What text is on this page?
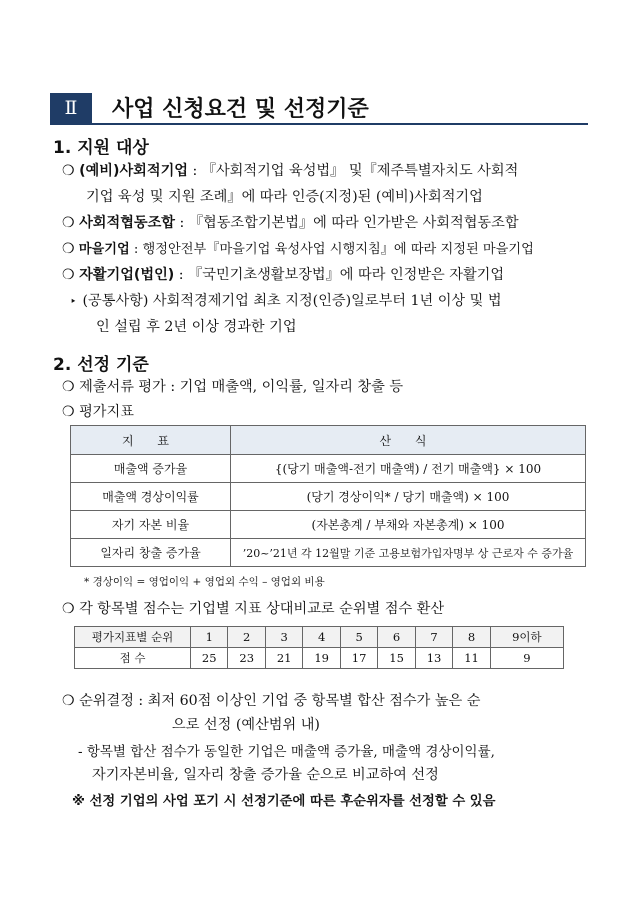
Ⅱ	사업 신청요건 및 선정기준
1. 지원 대상
❍ (예비)사회적기업 : 『사회적기업 육성법』 및『제주특별자치도 사회적
기업 육성 및 지원 조례』에 따라 인증(지정)된 (예비)사회적기업
❍ 사회적협동조합 : 『협동조합기본법』에 따라 인가받은 사회적협동조합
❍ 마을기업 : 행정안전부『마을기업 육성사업 시행지침』에 따라 지정된 마을기업
❍ 자활기업(법인) : 『국민기초생활보장법』에 따라 인정받은 자활기업
‣ (공통사항) 사회적경제기업 최초 지정(인증)일로부터 1년 이상 및 법
인 설립 후 2년 이상 경과한 기업
2. 선정 기준
❍ 제출서류 평가 : 기업 매출액, 이익률, 일자리 창출 등
❍ 평가지표
지 표	산 식
매출액 증가율	{(당기 매출액-전기 매출액) / 전기 매출액} × 100
매출액 경상이익률	(당기 경상이익* / 당기 매출액) × 100
자기 자본 비율	(자본총계 / 부채와 자본총계) × 100
일자리 창출 증가율	’20~’21년 각 12월말 기준 고용보험가입자명부 상 근로자 수 증가율
* 경상이익 = 영업이익 + 영업외 수익 – 영업외 비용
❍ 각 항목별 점수는 기업별 지표 상대비교로 순위별 점수 환산
평가지표별 순위	1	2	3	4	5	6	7	8	9이하
점 수	25	23	21	19	17	15	13	11	9
❍ 순위결정 : 최저 60점 이상인 기업 중 항목별 합산 점수가 높은 순
으로 선정 (예산범위 내)
- 항목별 합산 점수가 동일한 기업은 매출액 증가율, 매출액 경상이익률,
자기자본비율, 일자리 창출 증가율 순으로 비교하여 선정
※ 선정 기업의 사업 포기 시 선정기준에 따른 후순위자를 선정할 수 있음
